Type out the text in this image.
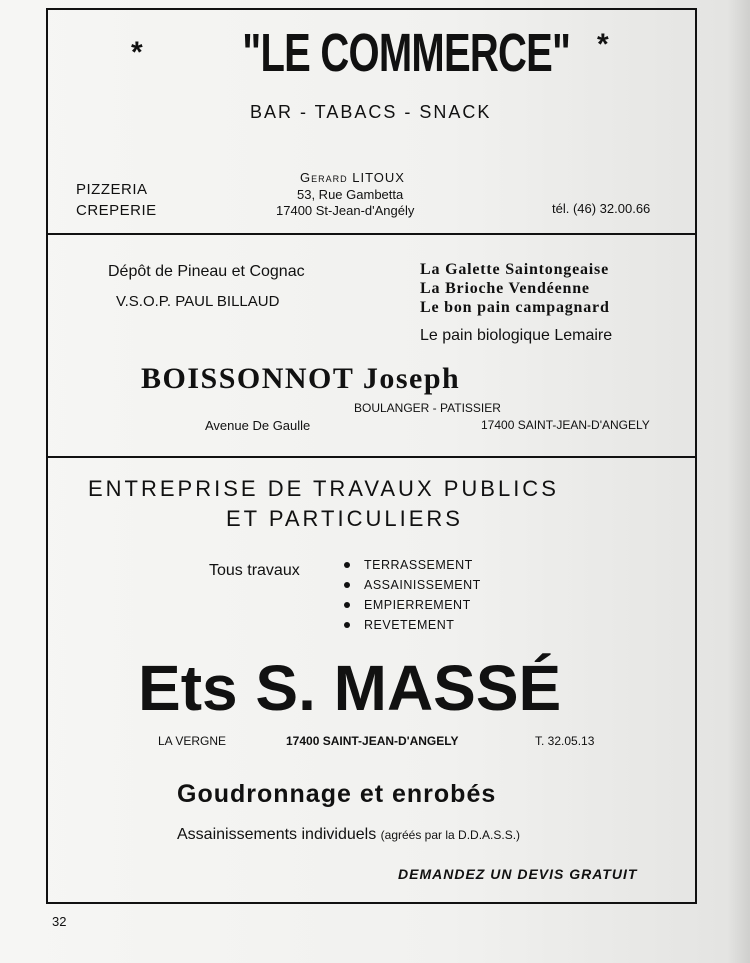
*	*
"LE COMMERCE"
BAR - TABACS - SNACK
PIZZERIA
CREPERIE
Gerard LITOUX
53, Rue Gambetta
17400 St-Jean-d'Angély	tél. (46) 32.00.66
Dépôt de Pineau et Cognac
V.S.O.P. PAUL BILLAUD
La Galette Saintongeaise
La Brioche Vendéenne
Le bon pain campagnard
Le pain biologique Lemaire
BOISSONNOT Joseph
BOULANGER - PATISSIER
Avenue De Gaulle	17400 SAINT-JEAN-D'ANGELY
ENTREPRISE DE TRAVAUX PUBLICS
ET PARTICULIERS
Tous travaux	TERRASSEMENT
ASSAINISSEMENT
EMPIERREMENT
REVETEMENT
Ets S. MASSÉ
LA VERGNE	17400 SAINT-JEAN-D'ANGELY	T. 32.05.13
Goudronnage et enrobés
Assainissements individuels (agréés par la D.D.A.S.S.)
DEMANDEZ UN DEVIS GRATUIT
32
